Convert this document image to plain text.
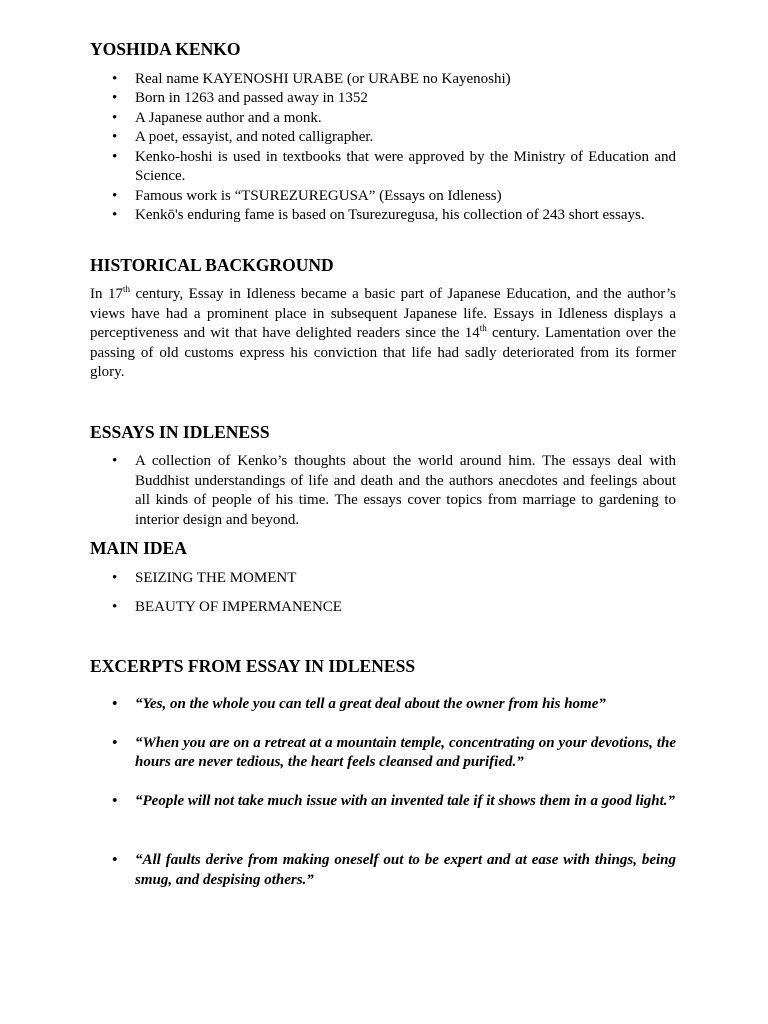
YOSHIDA KENKO
• Real name KAYENOSHI URABE (or URABE no Kayenoshi)
• Born in 1263 and passed away in 1352
• A Japanese author and a monk.
• A poet, essayist, and noted calligrapher.
• Kenko-hoshi is used in textbooks that were approved by the Ministry of Education and Science.
• Famous work is “TSUREZUREGUSA” (Essays on Idleness)
• Kenkō's enduring fame is based on Tsurezuregusa, his collection of 243 short essays.
HISTORICAL BACKGROUND

In 17th century, Essay in Idleness became a basic part of Japanese Education, and the author’s views have had a prominent place in subsequent Japanese life. Essays in Idleness displays a perceptiveness and wit that have delighted readers since the 14th century. Lamentation over the passing of old customs express his conviction that life had sadly deteriorated from its former glory.

ESSAYS IN IDLENESS
• A collection of Kenko’s thoughts about the world around him. The essays deal with Buddhist understandings of life and death and the authors anecdotes and feelings about all kinds of people of his time. The essays cover topics from marriage to gardening to interior design and beyond.
MAIN IDEA
• SEIZING THE MOMENT
• BEAUTY OF IMPERMANENCE
EXCERPTS FROM ESSAY IN IDLENESS
• “Yes, on the whole you can tell a great deal about the owner from his home”
• “When you are on a retreat at a mountain temple, concentrating on your devotions, the hours are never tedious, the heart feels cleansed and purified.”
• “People will not take much issue with an invented tale if it shows them in a good light.”
• “All faults derive from making oneself out to be expert and at ease with things, being smug, and despising others.”
